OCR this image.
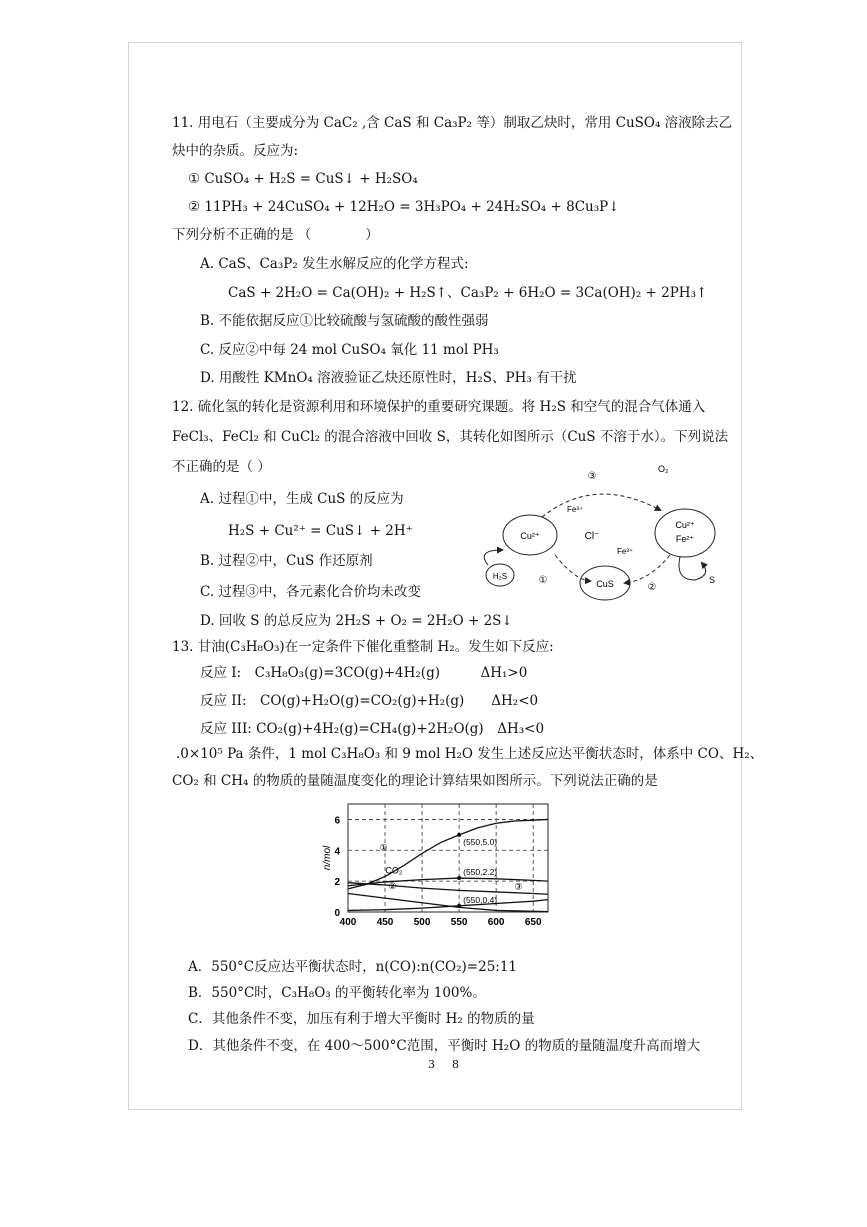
11. 用电石（主要成分为 CaC₂ ,含 CaS 和 Ca₃P₂ 等）制取乙炔时，常用 CuSO₄ 溶液除去乙
炔中的杂质。反应为:
① CuSO₄ + H₂S = CuS↓ + H₂SO₄
② 11PH₃ + 24CuSO₄ + 12H₂O = 3H₃PO₄ + 24H₂SO₄ + 8Cu₃P↓
下列分析不正确的是 （　　　　）
A. CaS、Ca₃P₂ 发生水解反应的化学方程式:
CaS + 2H₂O = Ca(OH)₂ + H₂S↑、Ca₃P₂ + 6H₂O = 3Ca(OH)₂ + 2PH₃↑
B. 不能依据反应①比较硫酸与氢硫酸的酸性强弱
C. 反应②中每 24 mol CuSO₄ 氧化 11 mol PH₃
D. 用酸性 KMnO₄ 溶液验证乙炔还原性时，H₂S、PH₃ 有干扰
12. 硫化氢的转化是资源利用和环境保护的重要研究课题。将 H₂S 和空气的混合气体通入
FeCl₃、FeCl₂ 和 CuCl₂ 的混合溶液中回收 S，其转化如图所示（CuS 不溶于水）。下列说法
不正确的是（ ）
A. 过程①中，生成 CuS 的反应为
H₂S + Cu²⁺ = CuS↓ + 2H⁺
B. 过程②中，CuS 作还原剂
C. 过程③中，各元素化合价均未改变
D. 回收 S 的总反应为 2H₂S + O₂ = 2H₂O + 2S↓
Cu²⁺
CuS
Cu²⁺
Fe²⁺
Cl⁻
Fe³⁺
Fe³⁺
O₂
③
①
②
H₂S	S
13. 甘油(C₃H₈O₃)在一定条件下催化重整制 H₂。发生如下反应:
反应 I:　C₃H₈O₃(g)=3CO(g)+4H₂(g)　　　ΔH₁>0
反应 II:　CO(g)+H₂O(g)=CO₂(g)+H₂(g)　　ΔH₂<0
反应 III: CO₂(g)+4H₂(g)=CH₄(g)+2H₂O(g)　ΔH₃<0
.0×10⁵ Pa 条件，1 mol C₃H₈O₃ 和 9 mol H₂O 发生上述反应达平衡状态时，体系中 CO、H₂、
CO₂ 和 CH₄ 的物质的量随温度变化的理论计算结果如图所示。下列说法正确的是
400 450 500 550 600 650
0
2
4
6
n/mol	①
CO₂
②	③
(550,5.0)
(550,2.2)
(550,0.4)
A．550°C反应达平衡状态时，n(CO):n(CO₂)=25:11
B．550°C时，C₃H₈O₃ 的平衡转化率为 100%。
C．其他条件不变，加压有利于增大平衡时 H₂ 的物质的量
D．其他条件不变，在 400～500°C范围，平衡时 H₂O 的物质的量随温度升高而增大
3 8
